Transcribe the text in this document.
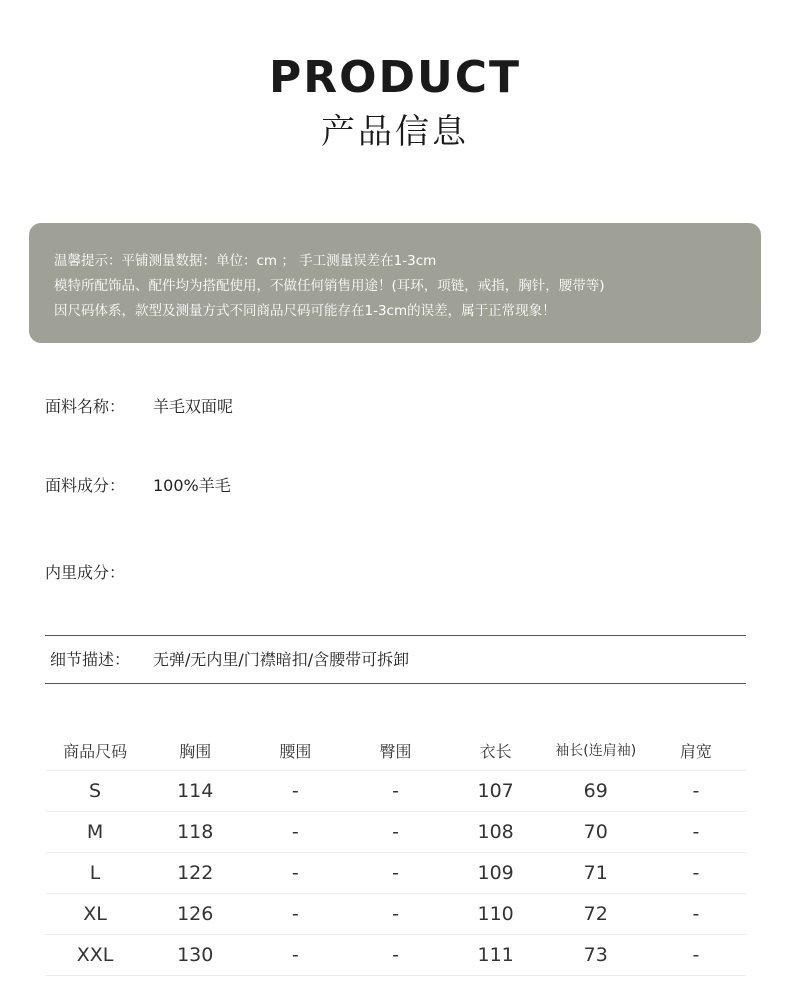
PRODUCT
产品信息
温馨提示：平铺测量数据：单位：cm ； 手工测量误差在1-3cm
模特所配饰品、配件均为搭配使用，不做任何销售用途！(耳环，项链，戒指，胸针，腰带等)
因尺码体系，款型及测量方式不同商品尺码可能存在1-3cm的误差，属于正常现象！
面料名称： 羊毛双面呢
面料成分： 100%羊毛
内里成分：
细节描述： 无弹/无内里/门襟暗扣/含腰带可拆卸
商品尺码	胸围	腰围	臀围	衣长	袖长(连肩袖)	肩宽
S	114	-	-	107	69	-
M	118	-	-	108	70	-
L	122	-	-	109	71	-
XL	126	-	-	110	72	-
XXL	130	-	-	111	73	-
